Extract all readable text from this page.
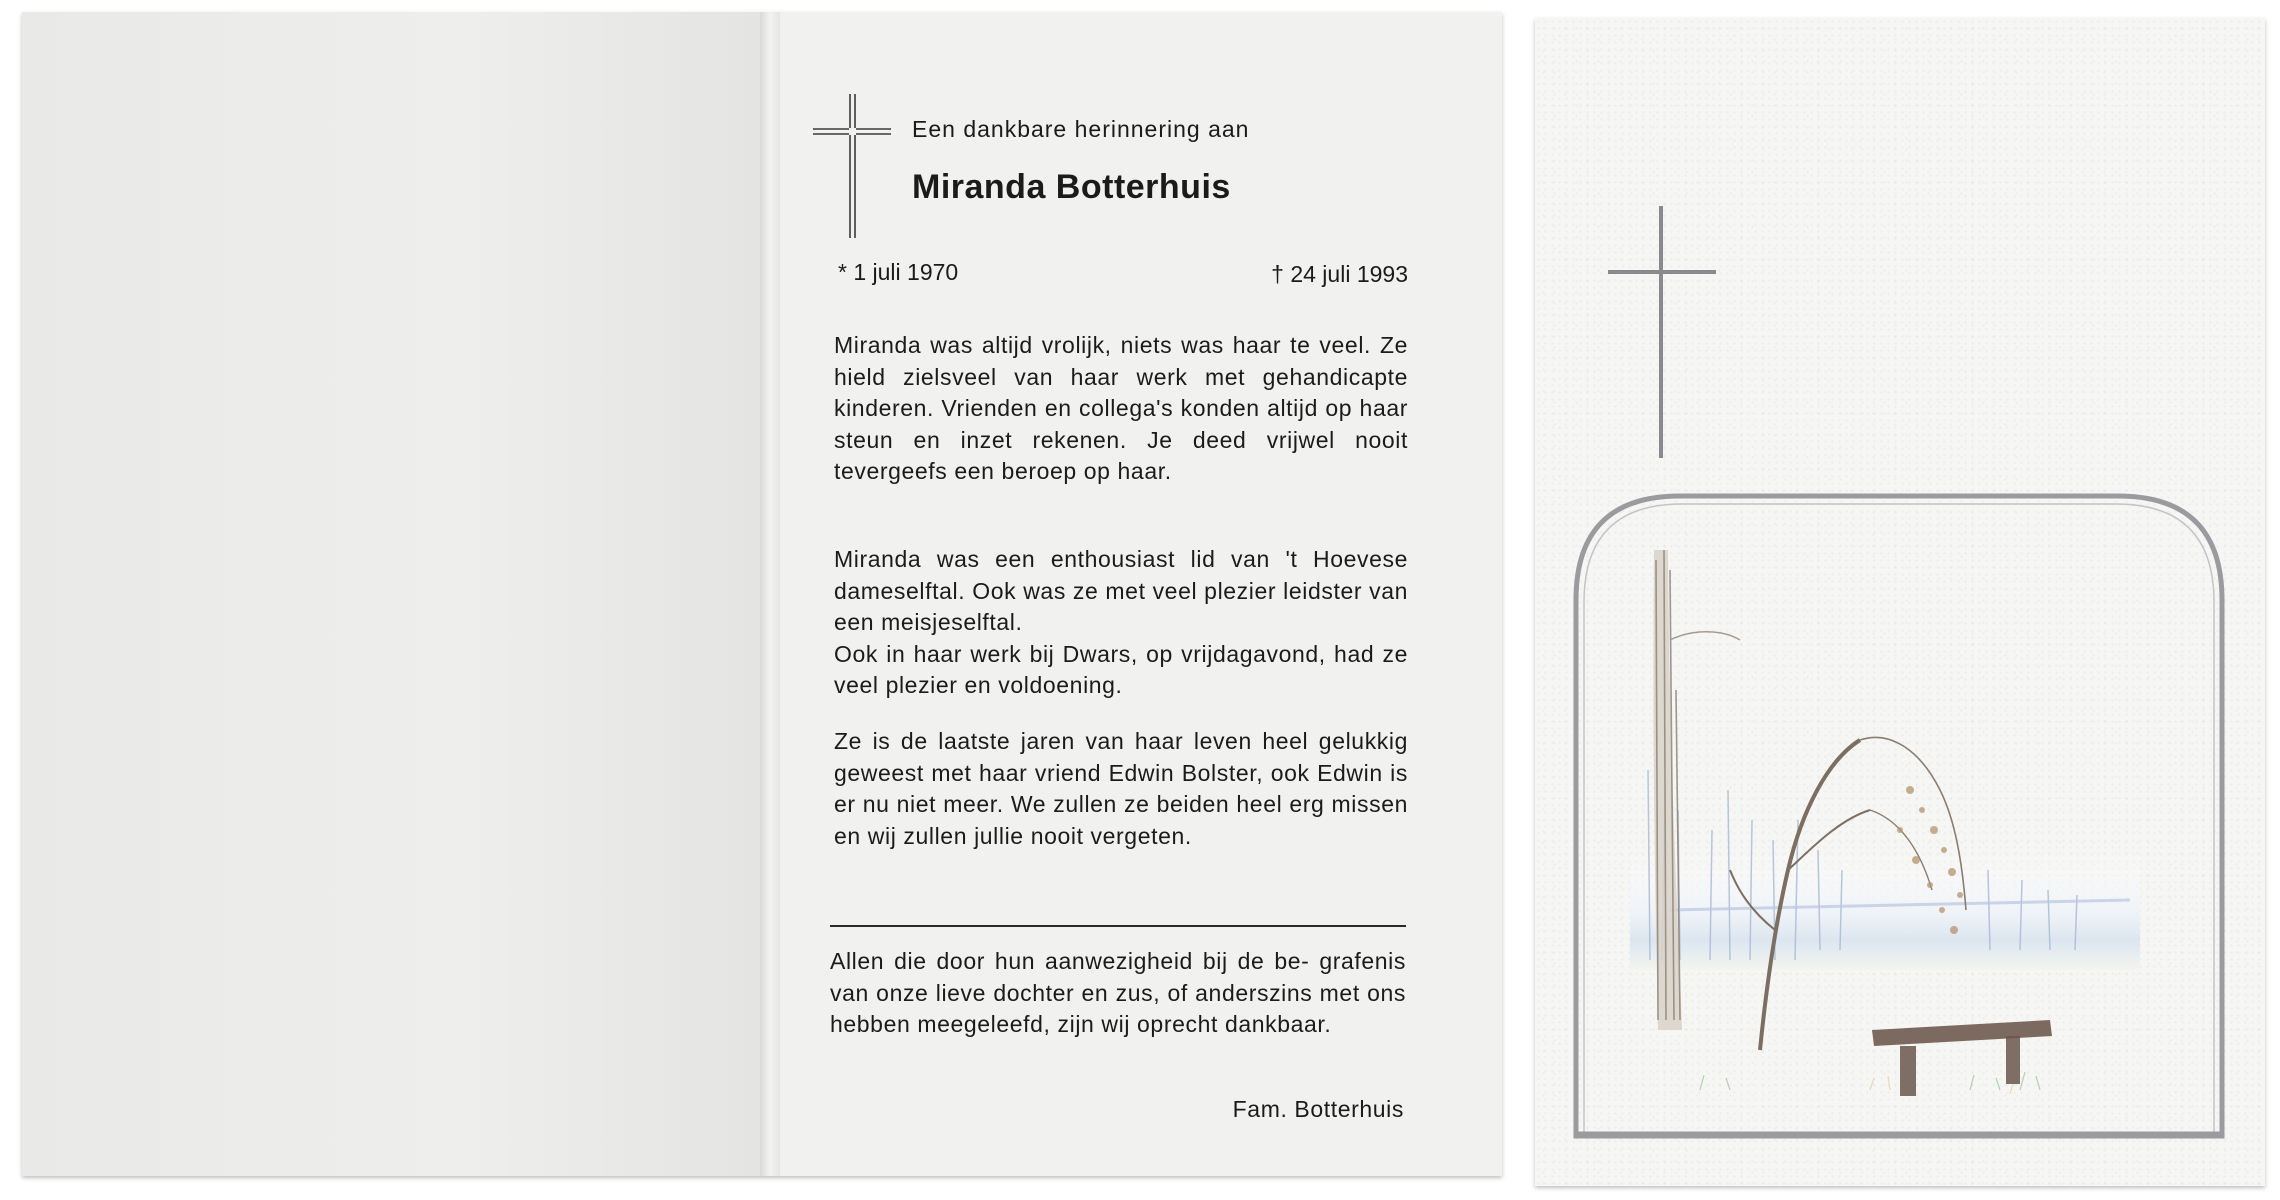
Een dankbare herinnering aan
Miranda Botterhuis
* 1 juli 1970	† 24 juli 1993
Miranda was altijd vrolijk, niets was haar te veel. Ze hield zielsveel van haar werk met gehandicapte kinderen. Vrienden en collega's konden altijd op haar steun en inzet rekenen. Je deed vrijwel nooit tevergeefs een beroep op haar.
Miranda was een enthousiast lid van 't Hoevese dameselftal. Ook was ze met veel plezier leidster van een meisjeselftal.
Ook in haar werk bij Dwars, op vrijdagavond, had ze veel plezier en voldoening.
Ze is de laatste jaren van haar leven heel gelukkig geweest met haar vriend Edwin Bolster, ook Edwin is er nu niet meer. We zullen ze beiden heel erg missen en wij zullen jullie nooit vergeten.
Allen die door hun aanwezigheid bij de be- grafenis van onze lieve dochter en zus, of anderszins met ons hebben meegeleefd, zijn wij oprecht dankbaar.
Fam. Botterhuis
